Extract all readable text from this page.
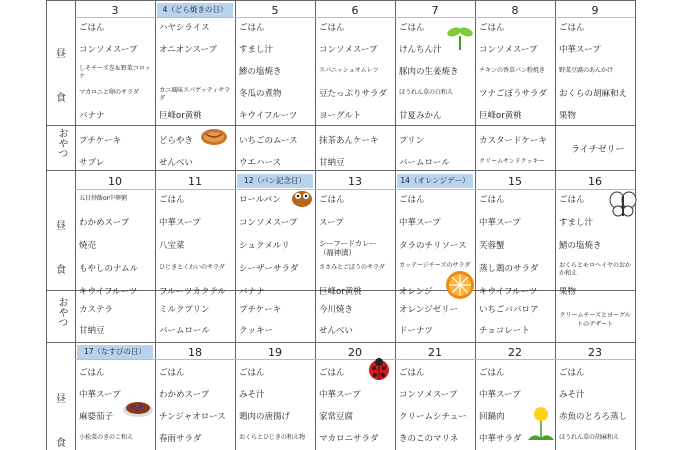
昼
食
おやつ
3
ごはん
コンソメスープ
しそチーズ巻＆野菜コロッケ
マカロニと卵のサラダ
バナナ
プチケーキ
サブレ
4（どら焼きの日）
ハヤシライス
オニオンスープ
カニ風味スパゲッティサラダ
巨峰or黄桃
どらやき
せんべい
5
ごはん
すまし汁
鯵の塩焼き
冬瓜の煮物
キウイフルーツ
いちごのムース
ウエハース
6
ごはん
コンソメスープ
スパニッシュオムレツ
豆たっぷりサラダ
ヨーグルト
抹茶あんケーキ
甘納豆
7
ごはん
けんちん汁
豚肉の生姜焼き
ほうれん草の白和え
甘夏みかん
プリン
バームロール
8
ごはん
コンソメスープ
チキンの香草パン粉焼き
ツナごぼうサラダ
巨峰or黄桃
カスタードケーキ
クリームサンドクッキー
9
ごはん
中華スープ
野菜豆腐のあんかけ
おくらの胡麻和え
果物
ライチゼリー
昼
食
おやつ
10
五目炒飯or中華粥
わかめスープ
焼売
もやしのナムル
キウイフルーツ
カステラ
甘納豆
11
ごはん
中華スープ
八宝菜
ひじきとくわいのサラダ
フルーツカクテル
ミルクプリン
バームロール
12（パン記念日）
ロールパン
コンソメスープ
シュクメルリ
シーザーサラダ
バナナ
プチケーキ
クッキー
13
ごはん
スープ
シーフードカレー（福神漬）
ささみとごぼうのサラダ
巨峰or黄桃
今川焼き
せんべい
14（オレンジデー）
ごはん
中華スープ
タラのチリソース
カッテージチーズのサラダ
オレンジ
オレンジゼリー
ドーナツ
15
ごはん
中華スープ
芙蓉蟹
蒸し鶏のサラダ
キウイフルーツ
いちごババロア
チョコレート
16
ごはん
すまし汁
鯖の塩焼き
おくらとモロヘイヤのおかか和え
果物
クリームチーズとヨーグルトのデザート
昼
食
17（なすびの日）
ごはん
中華スープ
麻婆茄子
小松菜のきのこ和え
18
ごはん
わかめスープ
チンジャオロース
春雨サラダ
19
ごはん
みそ汁
鶏肉の唐揚げ
おくらとひじきの和え物
20
ごはん
中華スープ
家常豆腐
マカロニサラダ
21
ごはん
コンソメスープ
クリームシチュー
きのこのマリネ
22
ごはん
中華スープ
回鍋肉
中華サラダ
23
ごはん
みそ汁
赤魚のとろろ蒸し
ほうれん草の胡麻和え
